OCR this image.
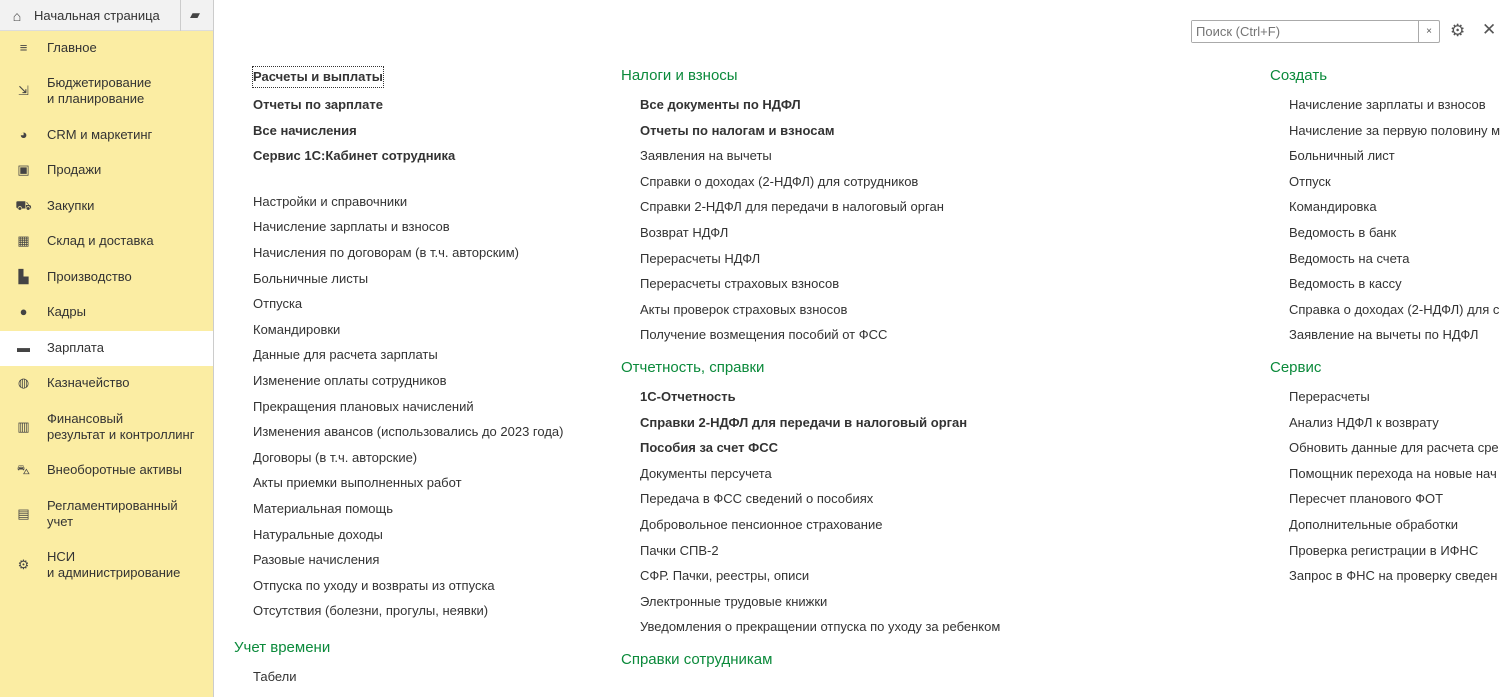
⌂ Начальная страница ▰
≡	Главное
⇲
Бюджетирование
и планирование
◕	CRM и маркетинг
▣	Продажи
⛟	Закупки
▦	Склад и доставка
▙	Производство
●	Кадры
▬	Зарплата
◍	Казначейство
▥
Финансовый
результат и контроллинг
⛍	Внеоборотные активы
▤
Регламентированный
учет
⚙
НСИ
и администрирование
Поиск (Ctrl+F)
×	⚙ ✕
Расчеты и выплаты
Отчеты по зарплате
Все начисления
Сервис 1С:Кабинет сотрудника
Настройки и справочники
Начисление зарплаты и взносов
Начисления по договорам (в т.ч. авторским)
Больничные листы
Отпуска
Командировки
Данные для расчета зарплаты
Изменение оплаты сотрудников
Прекращения плановых начислений
Изменения авансов (использовались до 2023 года)
Договоры (в т.ч. авторские)
Акты приемки выполненных работ
Материальная помощь
Натуральные доходы
Разовые начисления
Отпуска по уходу и возвраты из отпуска
Отсутствия (болезни, прогулы, неявки)
Учет времени
Табели
Налоги и взносы
Все документы по НДФЛ
Отчеты по налогам и взносам
Заявления на вычеты
Справки о доходах (2-НДФЛ) для сотрудников
Справки 2-НДФЛ для передачи в налоговый орган
Возврат НДФЛ
Перерасчеты НДФЛ
Перерасчеты страховых взносов
Акты проверок страховых взносов
Получение возмещения пособий от ФСС
Отчетность, справки
1С-Отчетность
Справки 2-НДФЛ для передачи в налоговый орган
Пособия за счет ФСС
Документы персучета
Передача в ФСС сведений о пособиях
Добровольное пенсионное страхование
Пачки СПВ-2
СФР. Пачки, реестры, описи
Электронные трудовые книжки
Уведомления о прекращении отпуска по уходу за ребенком
Справки сотрудникам
Создать
Начисление зарплаты и взносов
Начисление за первую половину м
Больничный лист
Отпуск
Командировка
Ведомость в банк
Ведомость на счета
Ведомость в кассу
Справка о доходах (2-НДФЛ) для с
Заявление на вычеты по НДФЛ
Сервис
Перерасчеты
Анализ НДФЛ к возврату
Обновить данные для расчета сре
Помощник перехода на новые нач
Пересчет планового ФОТ
Дополнительные обработки
Проверка регистрации в ИФНС
Запрос в ФНС на проверку сведен
